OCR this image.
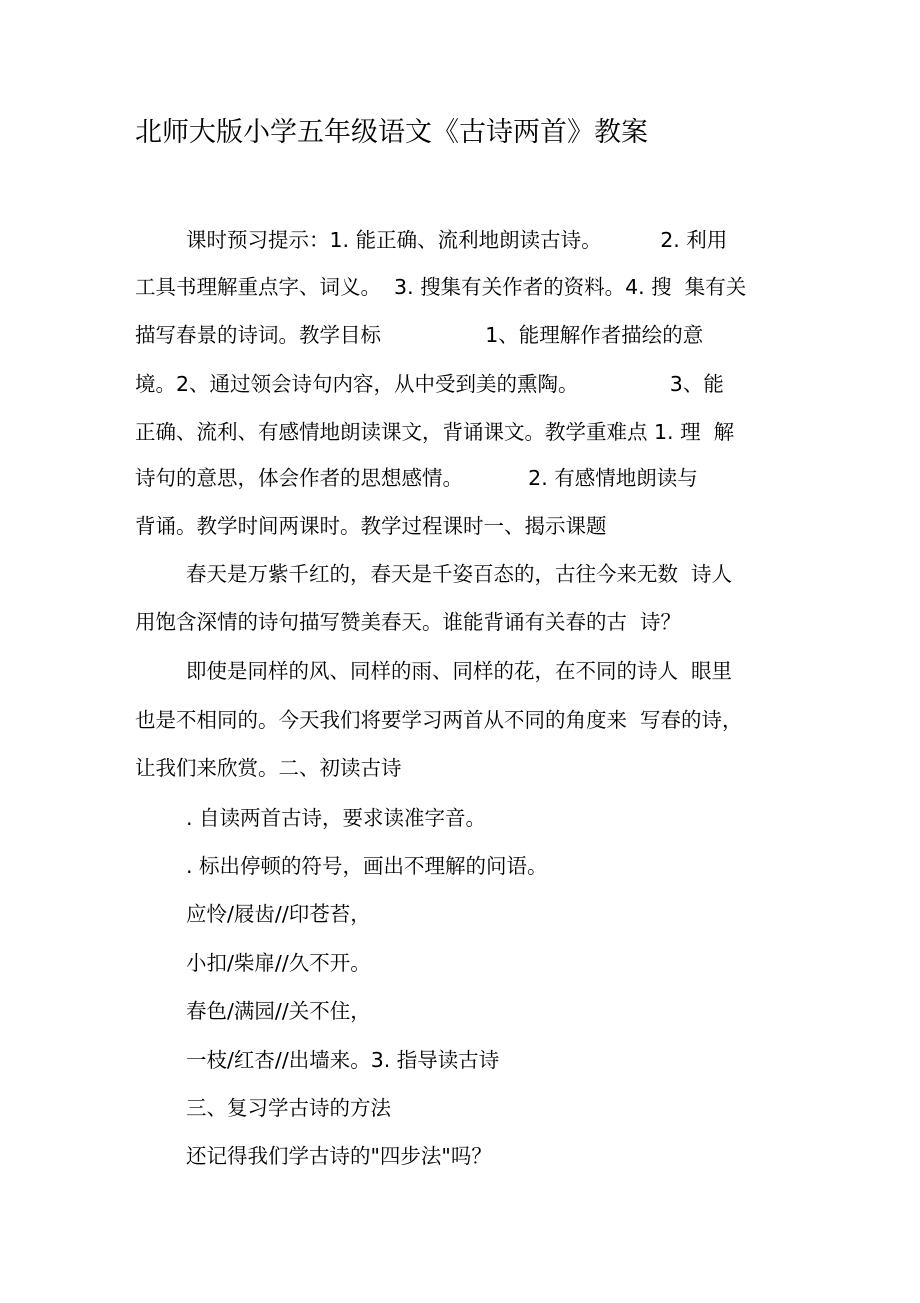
北师大版小学五年级语文《古诗两首》教案

课时预习提示：1. 能正确、流利地朗读古诗。         2. 利用

工具书理解重点字、词义。  3. 搜集有关作者的资料。4. 搜  集有关

描写春景的诗词。教学目标                1、能理解作者描绘的意

境。2、通过领会诗句内容，从中受到美的熏陶。              3、能

正确、流利、有感情地朗读课文，背诵课文。教学重难点 1. 理  解

诗句的意思，体会作者的思想感情。          2. 有感情地朗读与

背诵。教学时间两课时。教学过程课时一、揭示课题

春天是万紫千红的，春天是千姿百态的，古往今来无数  诗人

用饱含深情的诗句描写赞美春天。谁能背诵有关春的古  诗？

即使是同样的风、同样的雨、同样的花，在不同的诗人  眼里

也是不相同的。今天我们将要学习两首从不同的角度来  写春的诗，

让我们来欣赏。二、初读古诗

. 自读两首古诗，要求读准字音。

. 标出停顿的符号，画出不理解的问语。

应怜/屐齿//印苍苔，

小扣/柴扉//久不开。

春色/满园//关不住，

一枝/红杏//出墙来。3. 指导读古诗

三、复习学古诗的方法

还记得我们学古诗的"四步法"吗？
